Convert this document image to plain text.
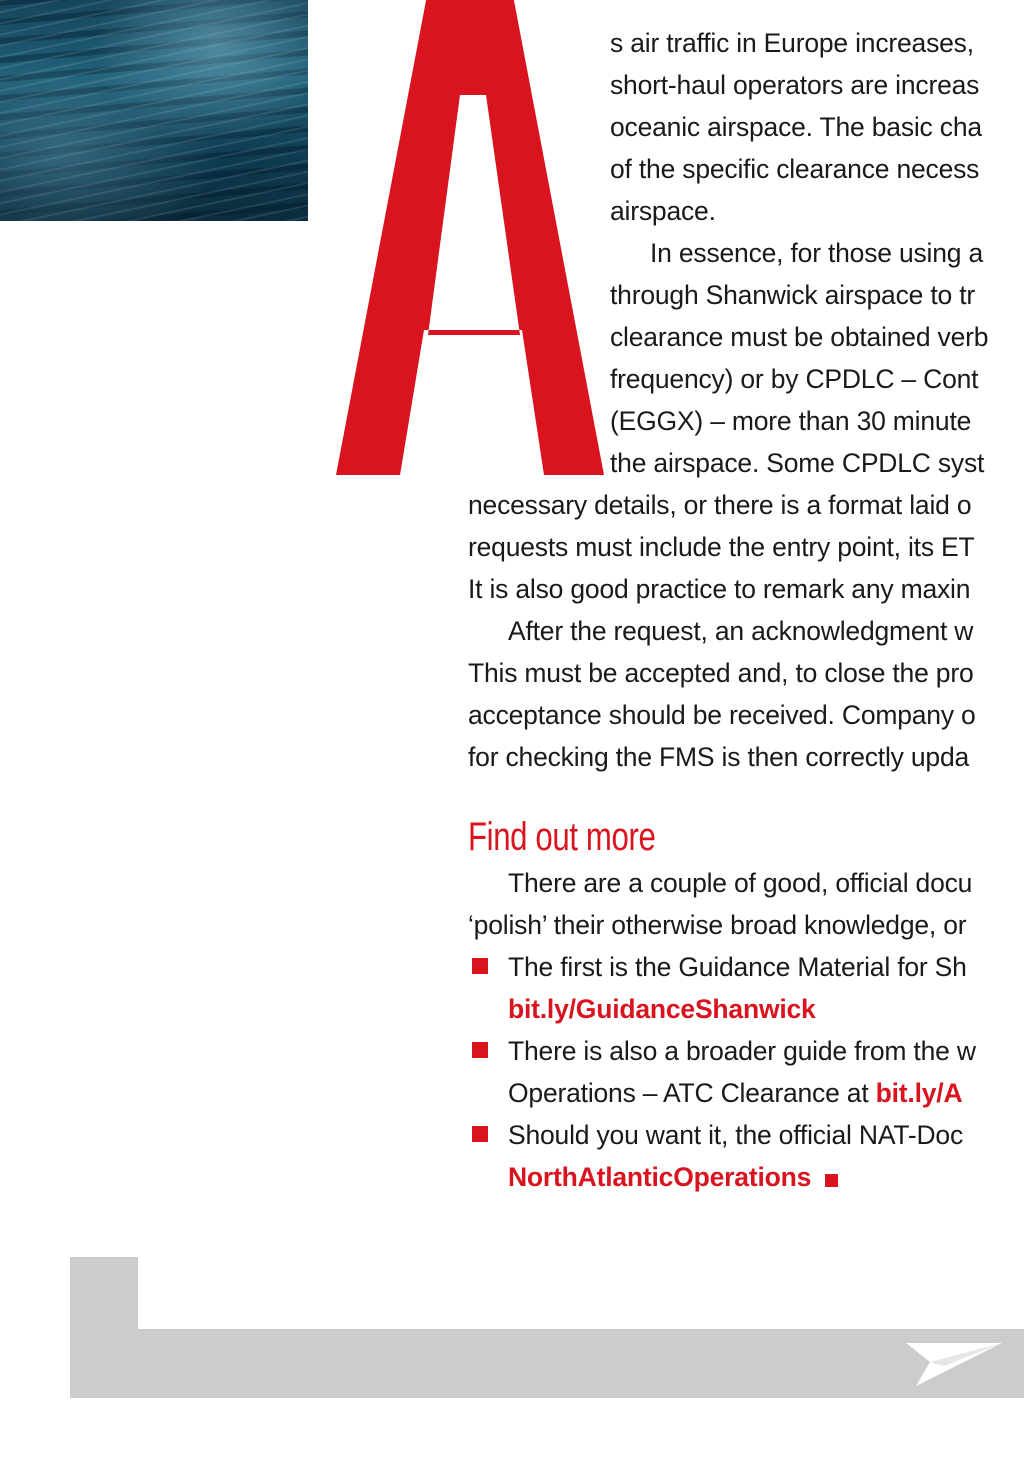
s air traffic in Europe increases,
short-haul operators are increas
oceanic airspace. The basic cha
of the specific clearance necess
airspace.
In essence, for those using a
through Shanwick airspace to tr
clearance must be obtained verb
frequency) or by CPDLC – Cont
(EGGX) – more than 30 minute
the airspace. Some CPDLC syst
necessary details, or there is a format laid o
requests must include the entry point, its ET
It is also good practice to remark any maxin
After the request, an acknowledgment w
This must be accepted and, to close the pro
acceptance should be received. Company o
for checking the FMS is then correctly upda
Find out more
There are a couple of good, official docu
‘polish’ their otherwise broad knowledge, or
The first is the Guidance Material for Sh
bit.ly/GuidanceShanwick
There is also a broader guide from the w
Operations – ATC Clearance at bit.ly/A
Should you want it, the official NAT-Doc
NorthAtlanticOperations
